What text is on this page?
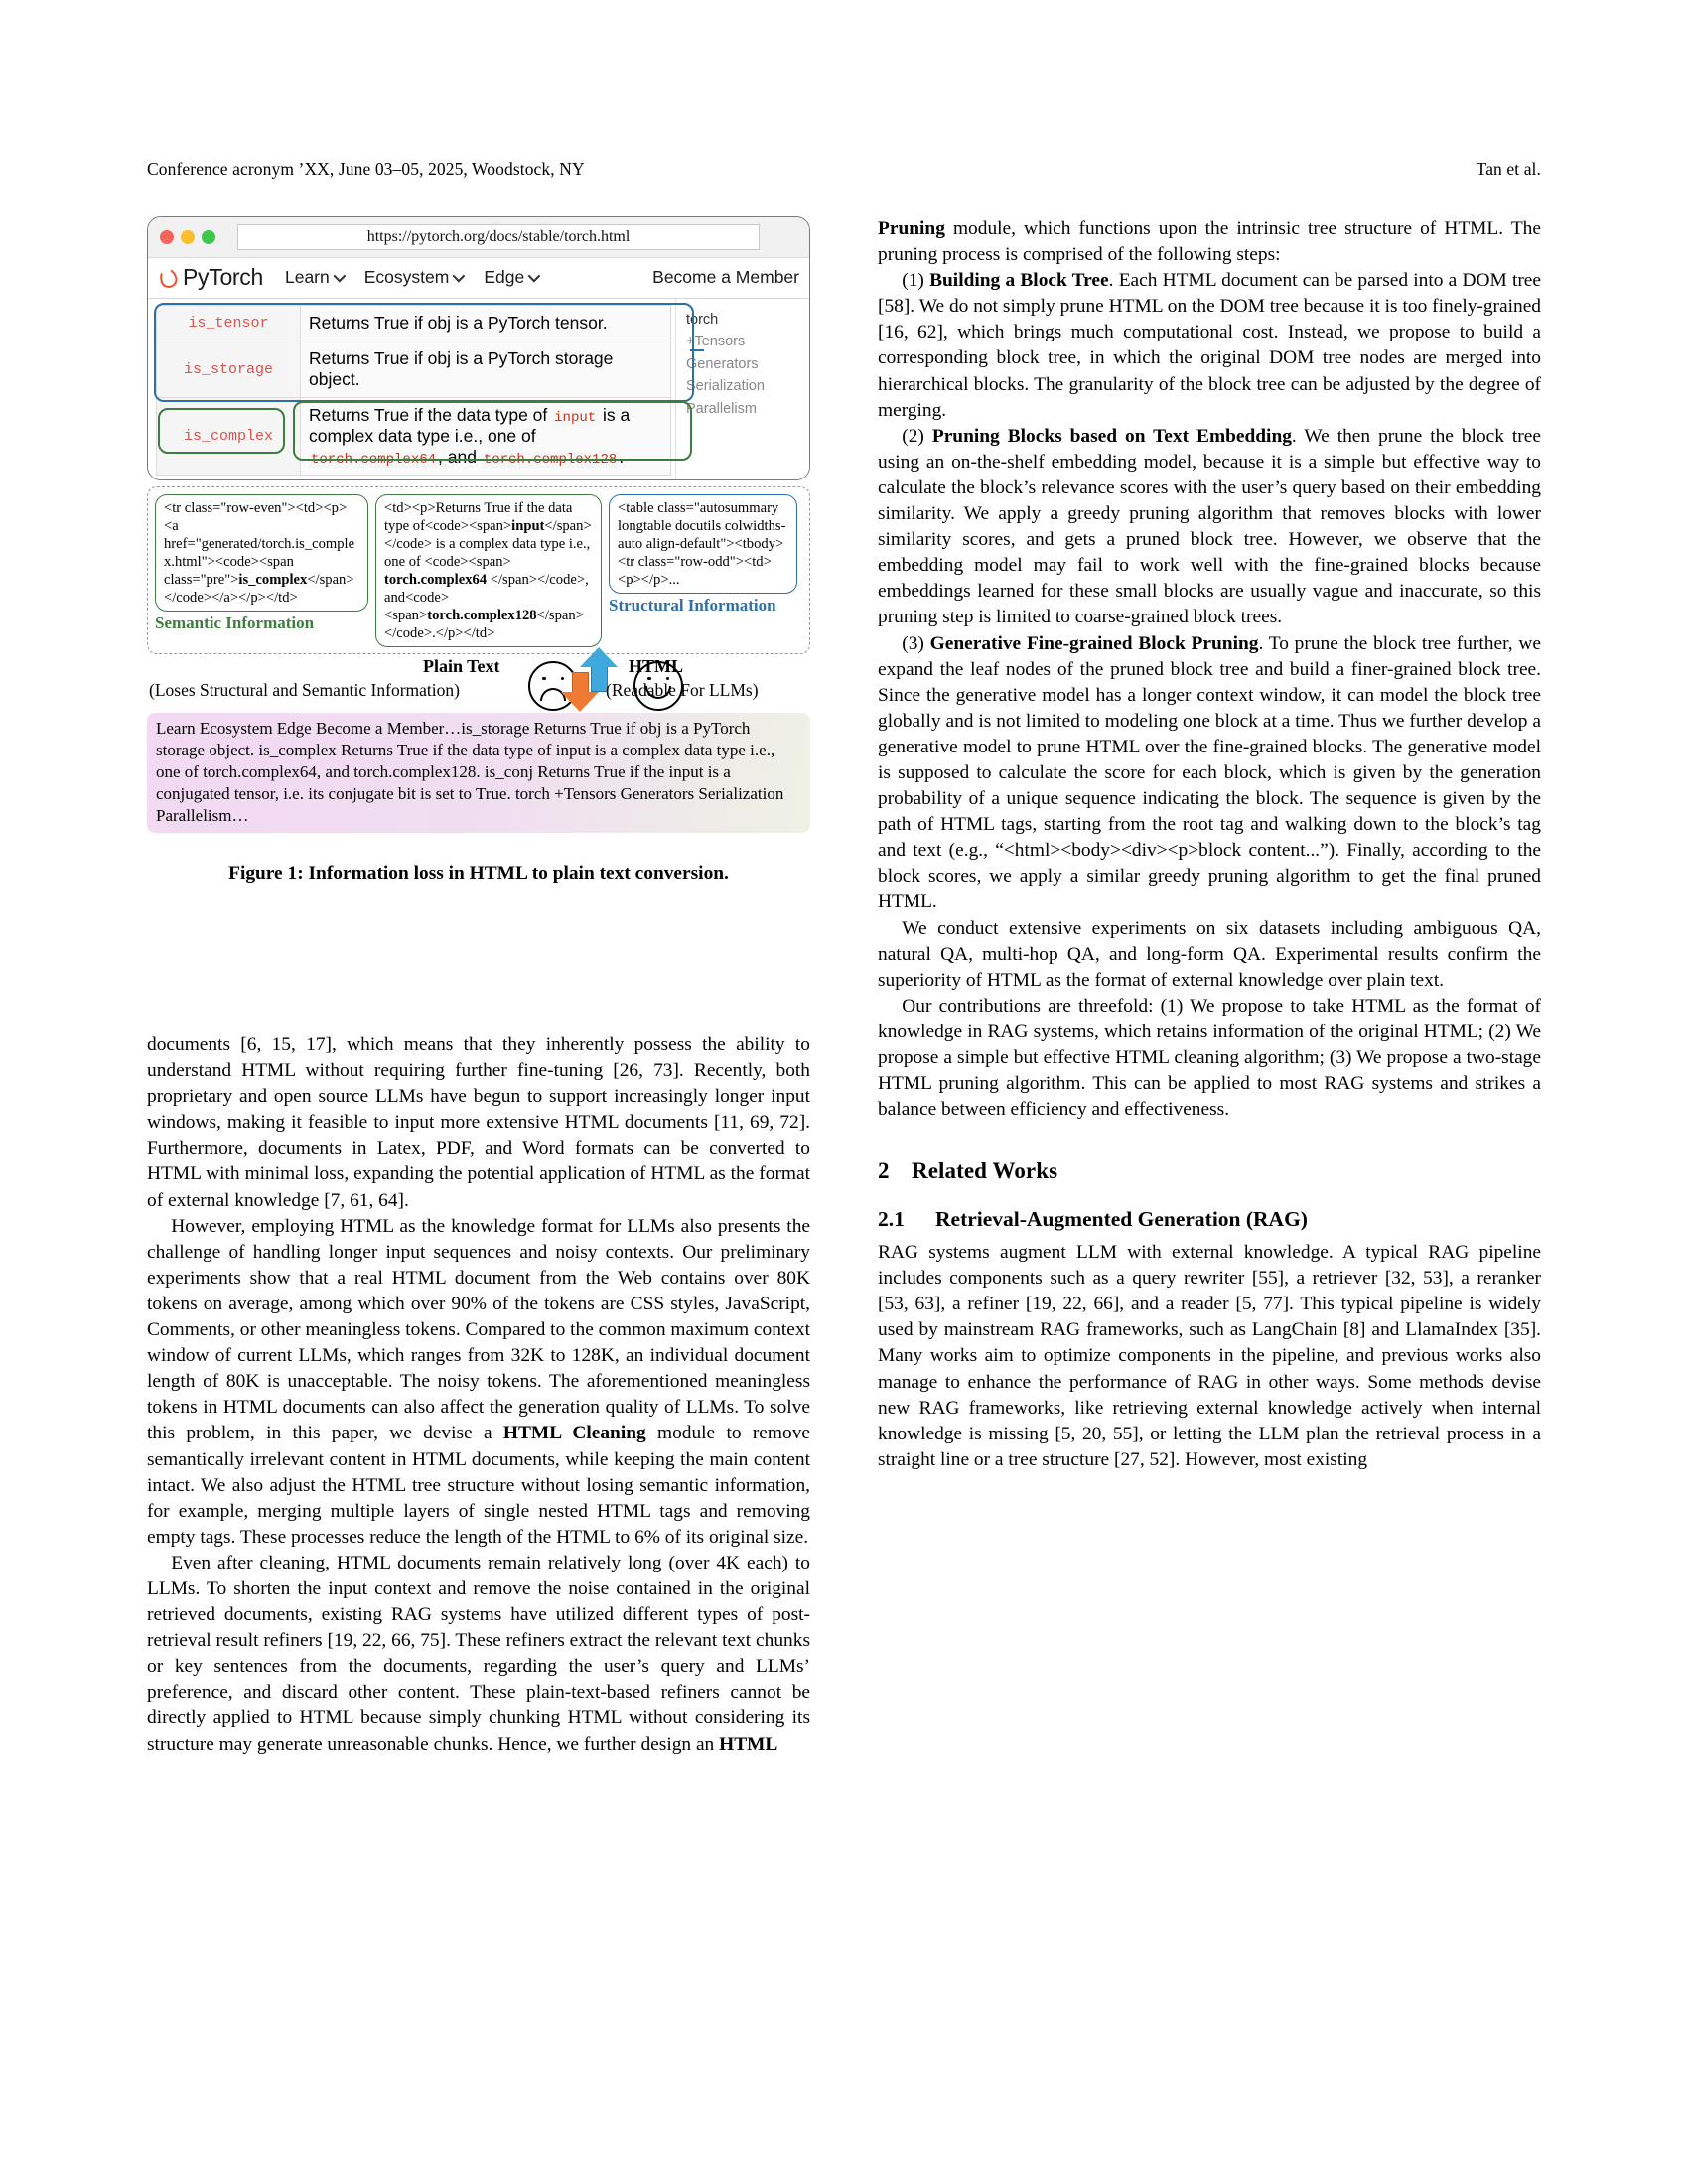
Conference acronym ’XX, June 03–05, 2025, Woodstock, NY	Tan et al.
https://pytorch.org/docs/stable/torch.html
PyTorch Learn Ecosystem Edge	Become a Member
is_tensor	Returns True if obj is a PyTorch tensor.
is_storage	Returns True if obj is a PyTorch storage object.
is_complex	Returns True if the data type of input is a complex data type i.e., one of torch.complex64 , and torch.complex128 .
torch
+Tensors
Generators
Serialization
Parallelism
<tr class="row-even"><td><p><a href="generated/torch.is_complex.html"><code><span class="pre">is_complex</span> </code></a></p></td>
Semantic Information
<td><p>Returns True if the data type of<code><span>input</span></code> is a complex data type i.e., one of <code><span> torch.complex64 </span></code>, and<code><span>torch.complex128</span></code>.</p></td>
<table class="autosummary longtable docutils colwidths-auto align-default"><tbody><tr class="row-odd"><td><p></p>...
Structural Information
Plain Text
(Loses Structural and Semantic Information)
HTML
(Readable For LLMs)
Learn Ecosystem Edge Become a Member…is_storage Returns True if obj is a PyTorch storage object. is_complex Returns True if the data type of input is a complex data type i.e., one of torch.complex64, and torch.complex128. is_conj Returns True if the input is a conjugated tensor, i.e. its conjugate bit is set to True. torch +Tensors Generators Serialization Parallelism…
Figure 1: Information loss in HTML to plain text conversion.

documents [6, 15, 17], which means that they inherently possess the ability to understand HTML without requiring further fine-tuning [26, 73]. Recently, both proprietary and open source LLMs have begun to support increasingly longer input windows, making it feasible to input more extensive HTML documents [11, 69, 72]. Furthermore, documents in Latex, PDF, and Word formats can be converted to HTML with minimal loss, expanding the potential application of HTML as the format of external knowledge [7, 61, 64].

However, employing HTML as the knowledge format for LLMs also presents the challenge of handling longer input sequences and noisy contexts. Our preliminary experiments show that a real HTML document from the Web contains over 80K tokens on average, among which over 90% of the tokens are CSS styles, JavaScript, Comments, or other meaningless tokens. Compared to the common maximum context window of current LLMs, which ranges from 32K to 128K, an individual document length of 80K is unacceptable. The noisy tokens. The aforementioned meaningless tokens in HTML documents can also affect the generation quality of LLMs. To solve this problem, in this paper, we devise a HTML Cleaning module to remove semantically irrelevant content in HTML documents, while keeping the main content intact. We also adjust the HTML tree structure without losing semantic information, for example, merging multiple layers of single nested HTML tags and removing empty tags. These processes reduce the length of the HTML to 6% of its original size.

Even after cleaning, HTML documents remain relatively long (over 4K each) to LLMs. To shorten the input context and remove the noise contained in the original retrieved documents, existing RAG systems have utilized different types of post-retrieval result refiners [19, 22, 66, 75]. These refiners extract the relevant text chunks or key sentences from the documents, regarding the user’s query and LLMs’ preference, and discard other content. These plain-text-based refiners cannot be directly applied to HTML because simply chunking HTML without considering its structure may generate unreasonable chunks. Hence, we further design an HTML

Pruning module, which functions upon the intrinsic tree structure of HTML. The pruning process is comprised of the following steps:

(1) Building a Block Tree. Each HTML document can be parsed into a DOM tree [58]. We do not simply prune HTML on the DOM tree because it is too finely-grained [16, 62], which brings much computational cost. Instead, we propose to build a corresponding block tree, in which the original DOM tree nodes are merged into hierarchical blocks. The granularity of the block tree can be adjusted by the degree of merging.

(2) Pruning Blocks based on Text Embedding. We then prune the block tree using an on-the-shelf embedding model, because it is a simple but effective way to calculate the block’s relevance scores with the user’s query based on their embedding similarity. We apply a greedy pruning algorithm that removes blocks with lower similarity scores, and gets a pruned block tree. However, we observe that the embedding model may fail to work well with the fine-grained blocks because embeddings learned for these small blocks are usually vague and inaccurate, so this pruning step is limited to coarse-grained block trees.

(3) Generative Fine-grained Block Pruning. To prune the block tree further, we expand the leaf nodes of the pruned block tree and build a finer-grained block tree. Since the generative model has a longer context window, it can model the block tree globally and is not limited to modeling one block at a time. Thus we further develop a generative model to prune HTML over the fine-grained blocks. The generative model is supposed to calculate the score for each block, which is given by the generation probability of a unique sequence indicating the block. The sequence is given by the path of HTML tags, starting from the root tag and walking down to the block’s tag and text (e.g., “<html><body><div><p>block content...”). Finally, according to the block scores, we apply a similar greedy pruning algorithm to get the final pruned HTML.

We conduct extensive experiments on six datasets including ambiguous QA, natural QA, multi-hop QA, and long-form QA. Experimental results confirm the superiority of HTML as the format of external knowledge over plain text.

Our contributions are threefold: (1) We propose to take HTML as the format of knowledge in RAG systems, which retains information of the original HTML; (2) We propose a simple but effective HTML cleaning algorithm; (3) We propose a two-stage HTML pruning algorithm. This can be applied to most RAG systems and strikes a balance between efficiency and effectiveness.

2 Related Works
2.1 Retrieval-Augmented Generation (RAG)

RAG systems augment LLM with external knowledge. A typical RAG pipeline includes components such as a query rewriter [55], a retriever [32, 53], a reranker [53, 63], a refiner [19, 22, 66], and a reader [5, 77]. This typical pipeline is widely used by mainstream RAG frameworks, such as LangChain [8] and LlamaIndex [35]. Many works aim to optimize components in the pipeline, and previous works also manage to enhance the performance of RAG in other ways. Some methods devise new RAG frameworks, like retrieving external knowledge actively when internal knowledge is missing [5, 20, 55], or letting the LLM plan the retrieval process in a straight line or a tree structure [27, 52]. However, most existing
